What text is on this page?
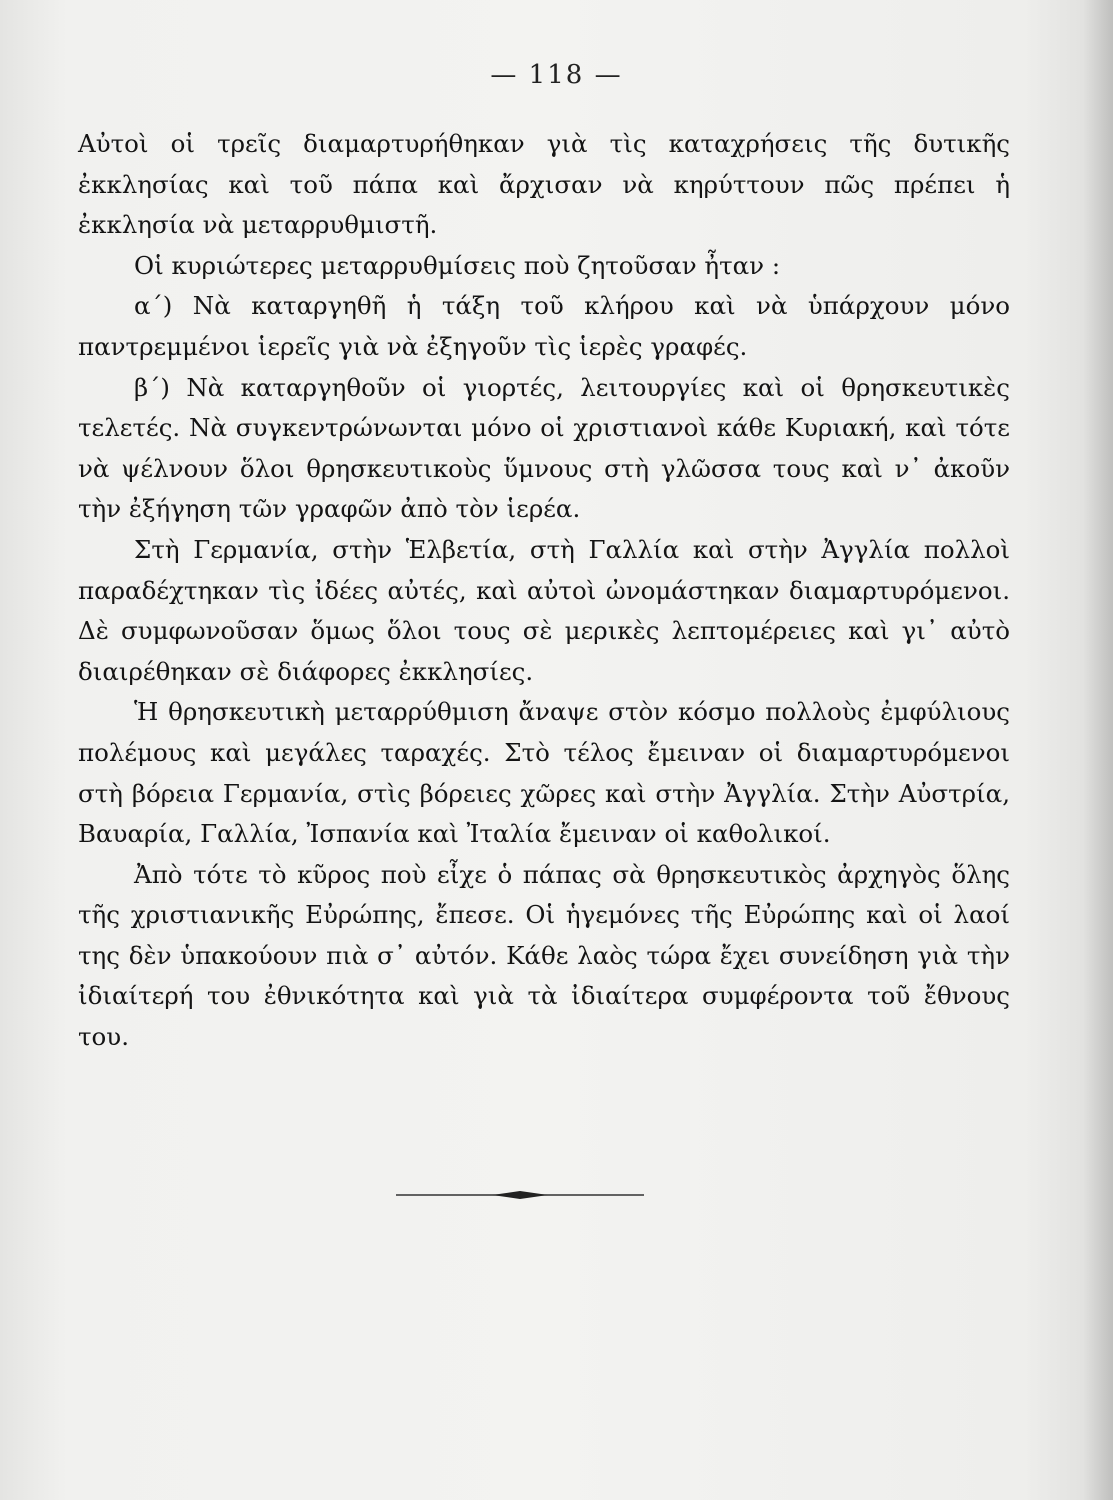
— 118 —

Αὐτοὶ οἱ τρεῖς διαμαρτυρήθηκαν γιὰ τὶς καταχρήσεις τῆς δυτικῆς ἐκκλησίας καὶ τοῦ πάπα καὶ ἄρχισαν νὰ κηρύττουν πῶς πρέπει ἡ ἐκκλησία νὰ μεταρρυθμιστῆ.

Οἱ κυριώτερες μεταρρυθμίσεις ποὺ ζητοῦσαν ἦταν :

α΄) Νὰ καταργηθῆ ἡ τάξη τοῦ κλήρου καὶ νὰ ὑπάρχουν μόνο παντρεμμένοι ἱερεῖς γιὰ νὰ ἐξηγοῦν τὶς ἱερὲς γραφές.

β΄) Νὰ καταργηθοῦν οἱ γιορτές, λειτουργίες καὶ οἱ θρησκευτικὲς τελετές. Νὰ συγκεντρώνωνται μόνο οἱ χριστιανοὶ κάθε Κυριακή, καὶ τότε νὰ ψέλνουν ὅλοι θρησκευτικοὺς ὕμνους στὴ γλῶσσα τους καὶ ν᾽ ἀκοῦν τὴν ἐξήγηση τῶν γραφῶν ἀπὸ τὸν ἱερέα.

Στὴ Γερμανία, στὴν Ἑλβετία, στὴ Γαλλία καὶ στὴν Ἀγγλία πολλοὶ παραδέχτηκαν τὶς ἰδέες αὐτές, καὶ αὐτοὶ ὠνομάστηκαν διαμαρτυρόμενοι. Δὲ συμφωνοῦσαν ὅμως ὅλοι τους σὲ μερικὲς λεπτομέρειες καὶ γι᾽ αὐτὸ διαιρέθηκαν σὲ διάφορες ἐκκλησίες.

Ἡ θρησκευτικὴ μεταρρύθμιση ἄναψε στὸν κόσμο πολλοὺς ἐμφύλιους πολέμους καὶ μεγάλες ταραχές. Στὸ τέλος ἔμειναν οἱ διαμαρτυρόμενοι στὴ βόρεια Γερμανία, στὶς βόρειες χῶρες καὶ στὴν Ἀγγλία. Στὴν Αὐστρία, Βαυαρία, Γαλλία, Ἰσπανία καὶ Ἰταλία ἔμειναν οἱ καθολικοί.

Ἀπὸ τότε τὸ κῦρος ποὺ εἶχε ὁ πάπας σὰ θρησκευτικὸς ἀρχηγὸς ὅλης τῆς χριστιανικῆς Εὐρώπης, ἔπεσε. Οἱ ἡγεμόνες τῆς Εὐρώπης καὶ οἱ λαοί της δὲν ὑπακούουν πιὰ σ᾽ αὐτόν. Κάθε λαὸς τώρα ἔχει συνείδηση γιὰ τὴν ἰδιαίτερή του ἐθνικότητα καὶ γιὰ τὰ ἰδιαίτερα συμφέροντα τοῦ ἔθνους του.
